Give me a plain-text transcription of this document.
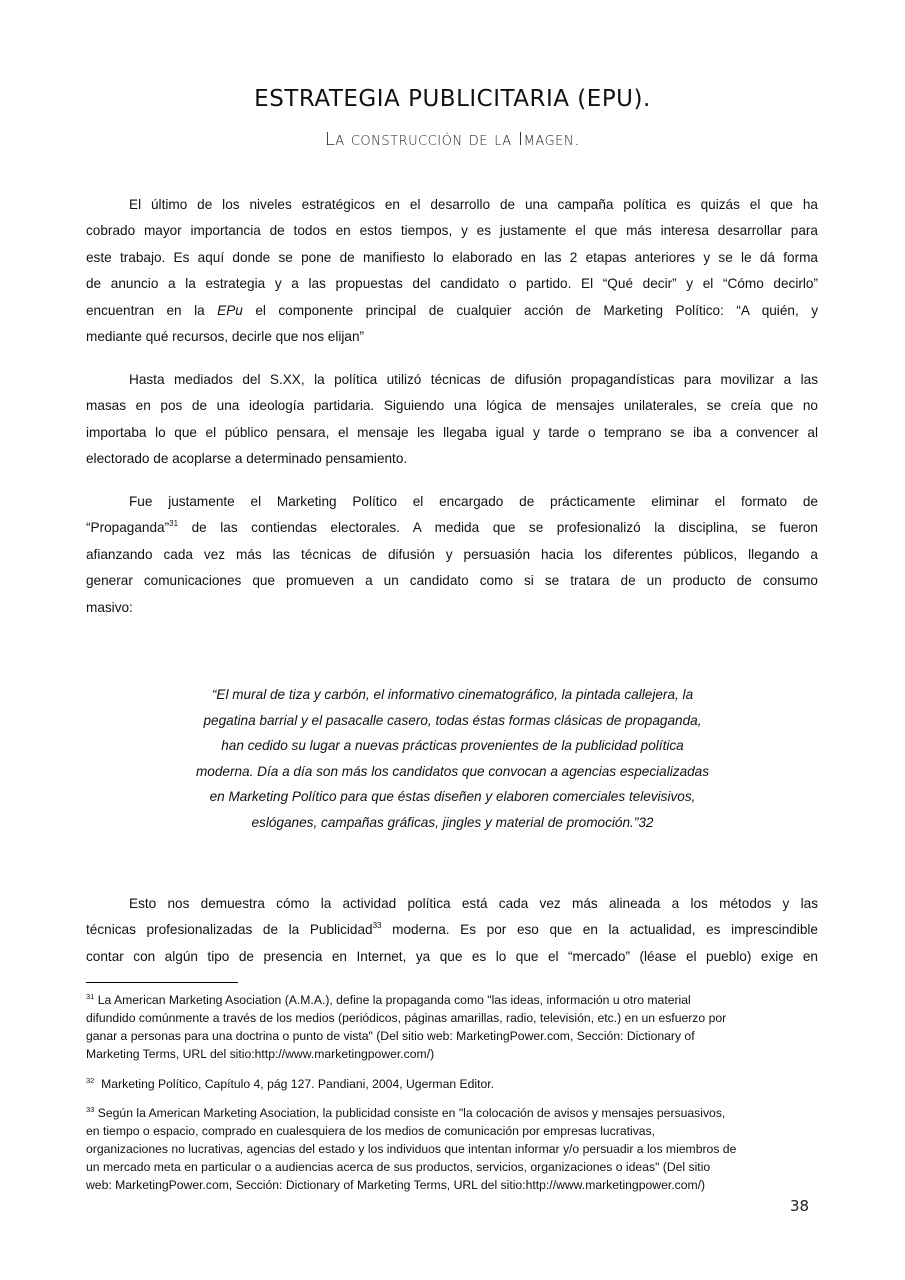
ESTRATEGIA PUBLICITARIA (EPU).
La construcción de la Imagen.
El último de los niveles estratégicos en el desarrollo de una campaña política es quizás el que ha
cobrado mayor importancia de todos en estos tiempos, y es justamente el que más interesa desarrollar para
este trabajo. Es aquí donde se pone de manifiesto lo elaborado en las 2 etapas anteriores y se le dá forma
de anuncio a la estrategia y a las propuestas del candidato o partido. El “Qué decir” y el “Cómo decirlo”
encuentran en la EPu el componente principal de cualquier acción de Marketing Político: “A quién, y
mediante qué recursos, decirle que nos elijan”
Hasta mediados del S.XX, la política utilizó técnicas de difusión propagandísticas para movilizar a las
masas en pos de una ideología partidaria. Siguiendo una lógica de mensajes unilaterales, se creía que no
importaba lo que el público pensara, el mensaje les llegaba igual y tarde o temprano se iba a convencer al
electorado de acoplarse a determinado pensamiento.
Fue justamente el Marketing Político el encargado de prácticamente eliminar el formato de
“Propaganda”$^{31}$ de las contiendas electorales. A medida que se profesionalizó la disciplina, se fueron
afianzando cada vez más las técnicas de difusión y persuasión hacia los diferentes públicos, llegando a
generar comunicaciones que promueven a un candidato como si se tratara de un producto de consumo
masivo:
“El mural de tiza y carbón, el informativo cinematográfico, la pintada callejera, la
pegatina barrial y el pasacalle casero, todas éstas formas clásicas de propaganda,
han cedido su lugar a nuevas prácticas provenientes de la publicidad política
moderna. Día a día son más los candidatos que convocan a agencias especializadas
en Marketing Político para que éstas diseñen y elaboren comerciales televisivos,
eslóganes, campañas gráficas, jingles y material de promoción.”32
Esto nos demuestra cómo la actividad política está cada vez más alineada a los métodos y las
técnicas profesionalizadas de la Publicidad$^{33}$ moderna. Es por eso que en la actualidad, es imprescindible
contar con algún tipo de presencia en Internet, ya que es lo que el “mercado” (léase el pueblo) exige en
$^{31}$ La American Marketing Asociation (A.M.A.), define la propaganda como "las ideas, información u otro material
difundido comúnmente a través de los medios (periódicos, páginas amarillas, radio, televisión, etc.) en un esfuerzo por
ganar a personas para una doctrina o punto de vista" (Del sitio web: MarketingPower.com, Sección: Dictionary of
Marketing Terms, URL del sitio:http://www.marketingpower.com/)
$^{32}$  Marketing Político, Capítulo 4, pág 127. Pandiani, 2004, Ugerman Editor.
$^{33}$ Según la American Marketing Asociation, la publicidad consiste en "la colocación de avisos y mensajes persuasivos,
en tiempo o espacio, comprado en cualesquiera de los medios de comunicación por empresas lucrativas,
organizaciones no lucrativas, agencias del estado y los individuos que intentan informar y/o persuadir a los miembros de
un mercado meta en particular o a audiencias acerca de sus productos, servicios, organizaciones o ideas" (Del sitio
web: MarketingPower.com, Sección: Dictionary of Marketing Terms, URL del sitio:http://www.marketingpower.com/)
38
